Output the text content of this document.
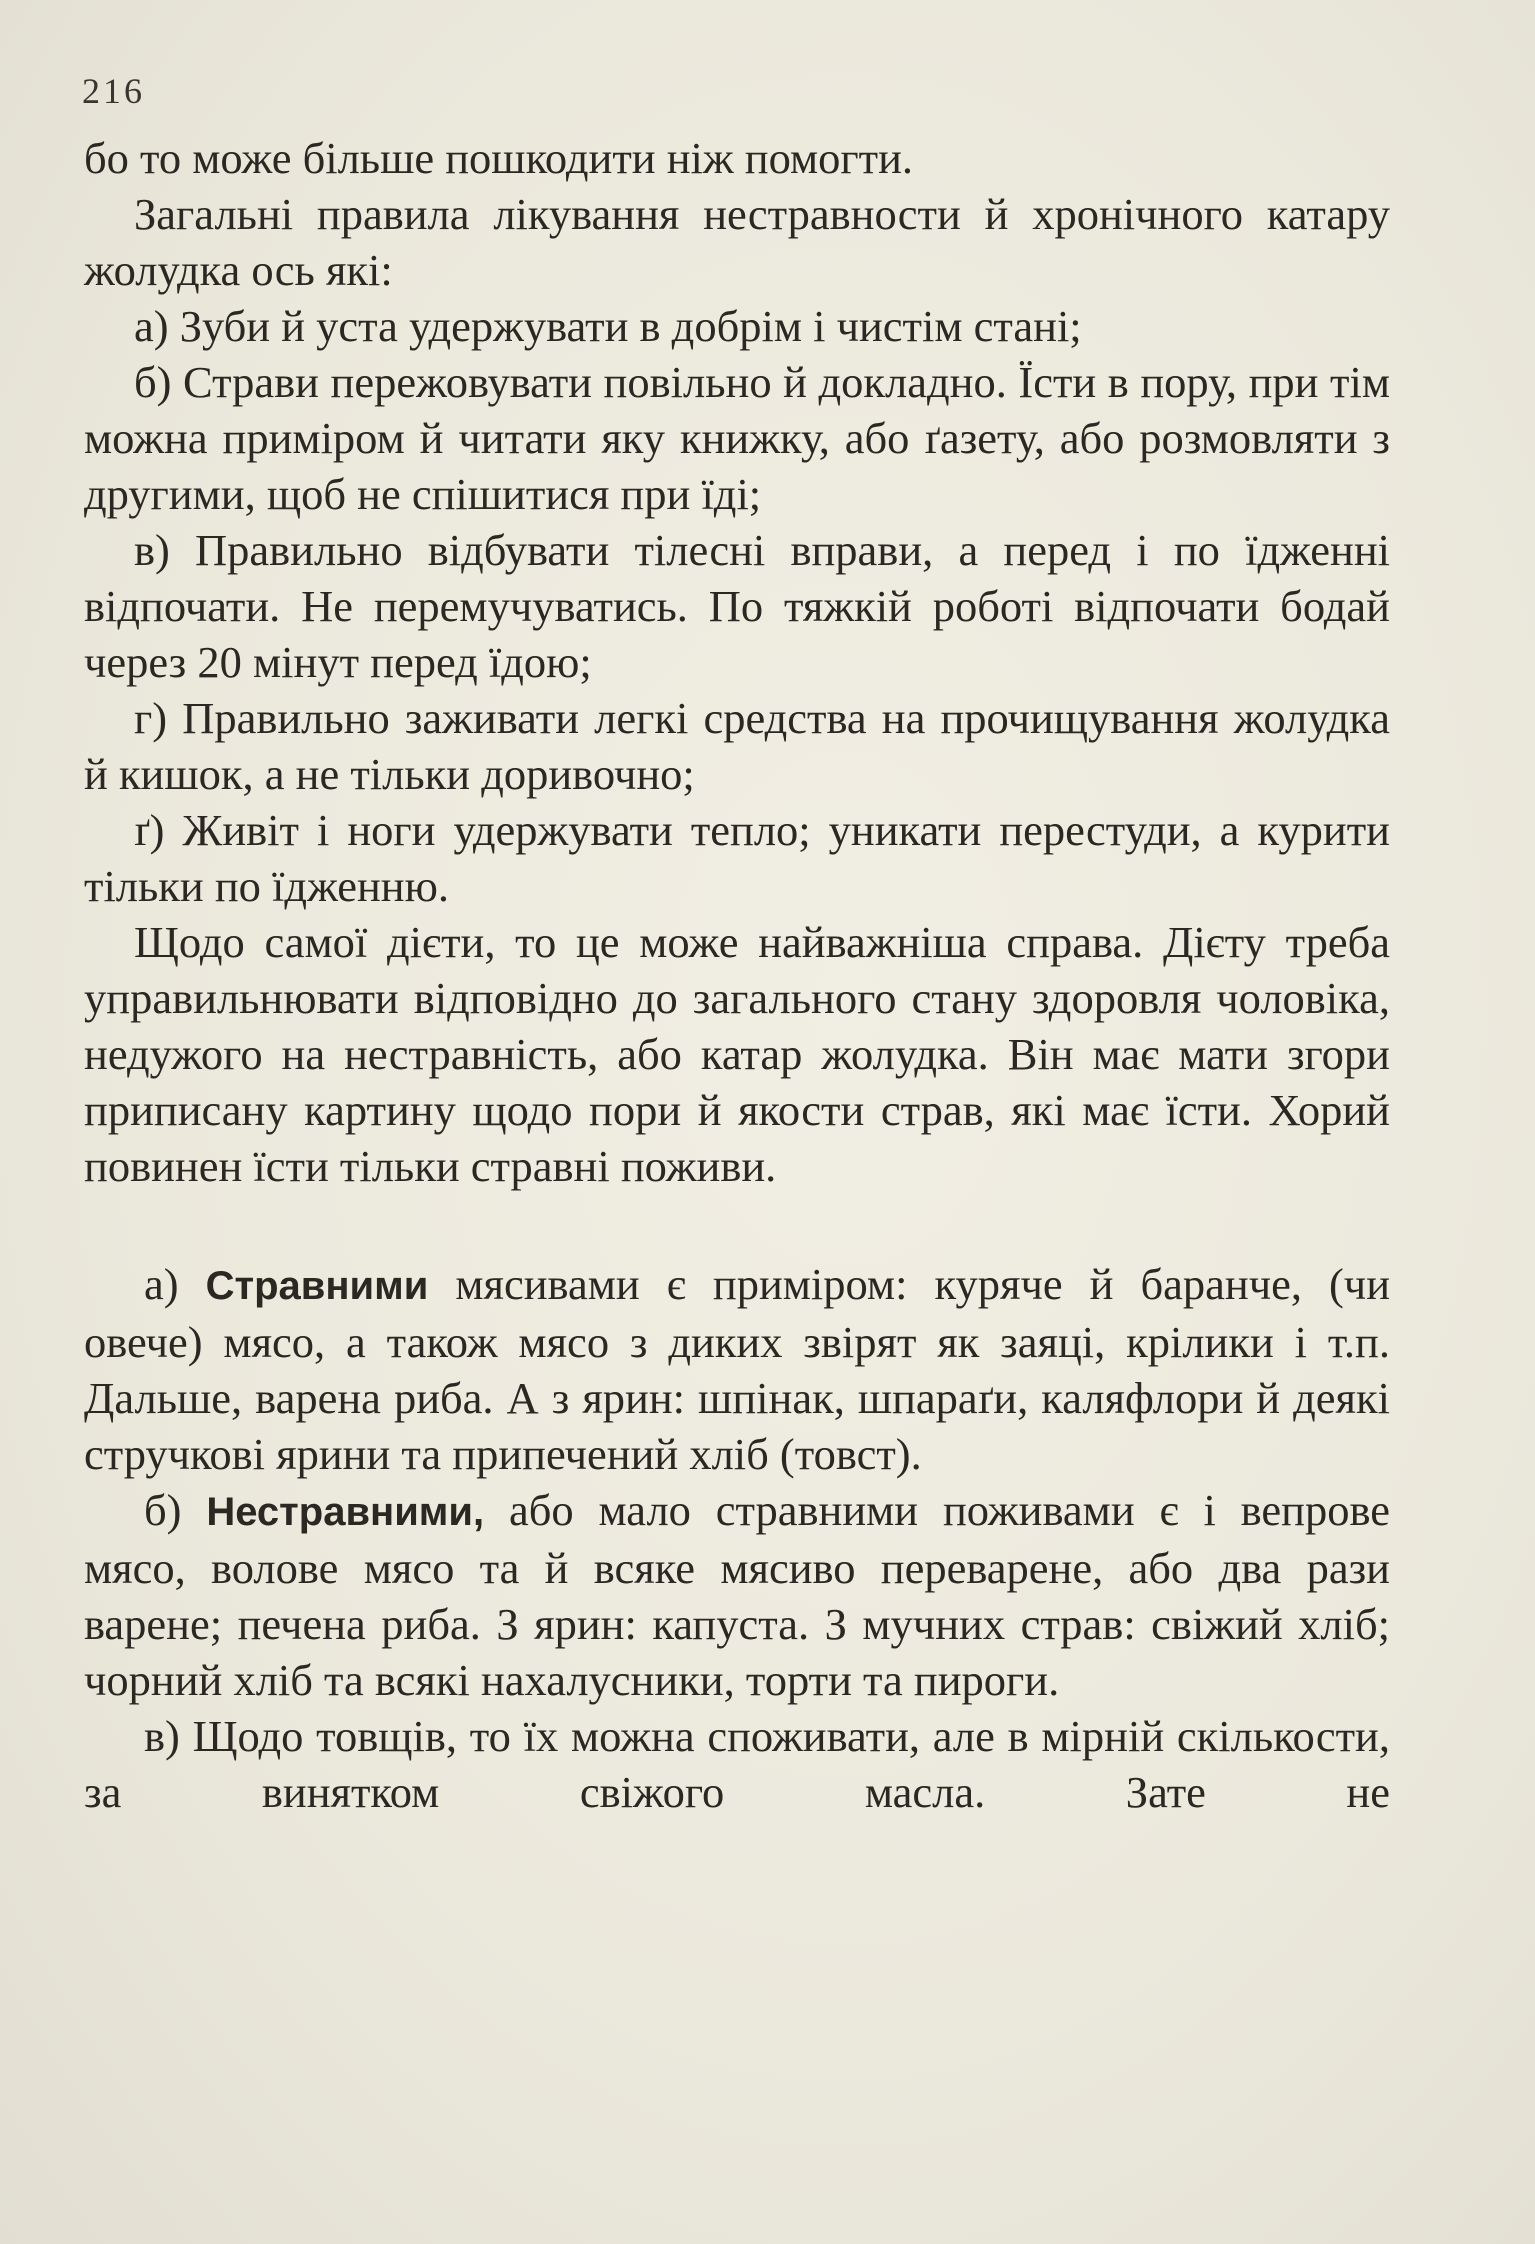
216

бо то може більше пошкодити ніж помогти.

Загальні правила лікування нестравности й хронічного катару жолудка ось які:

а) Зуби й уста удержувати в добрім і чистім стані;

б) Страви пережовувати повільно й докладно. Їсти в пору, при тім можна приміром й читати яку книжку, або ґазету, або розмовляти з другими, щоб не спішитися при їді;

в) Правильно відбувати тілесні вправи, а перед і по їдженні відпочати. Не перемучуватись. По тяжкій роботі відпочати бодай через 20 мінут перед їдою;

г) Правильно заживати легкі средства на прочищування жолудка й кишок, а не тільки доривочно;

ґ) Живіт і ноги удержувати тепло; уникати перестуди, а курити тільки по їдженню.

Щодо самої дієти, то це може найважніша справа. Дієту треба управильнювати відповідно до загального стану здоровля чоловіка, недужого на нестравність, або катар жолудка. Він має мати згори приписану картину щодо пори й якости страв, які має їсти. Хорий повинен їсти тільки стравні поживи.

а) Стравними мясивами є приміром: куряче й баранче, (чи овече) мясо, а також мясо з диких звірят як заяці, крілики і т.п. Дальше, варена риба. А з ярин: шпінак, шпараґи, каляфлори й деякі стручкові ярини та припечений хліб (товст).

б) Нестравними, або мало стравними поживами є і вепрове мясо, волове мясо та й всяке мясиво переварене, або два рази варене; печена риба. З ярин: капуста. З мучних страв: свіжий хліб; чорний хліб та всякі нахалусники, торти та пироги.

в) Щодо товщів, то їх можна споживати, але в мірній скількости, за винятком свіжого масла. Зате не
